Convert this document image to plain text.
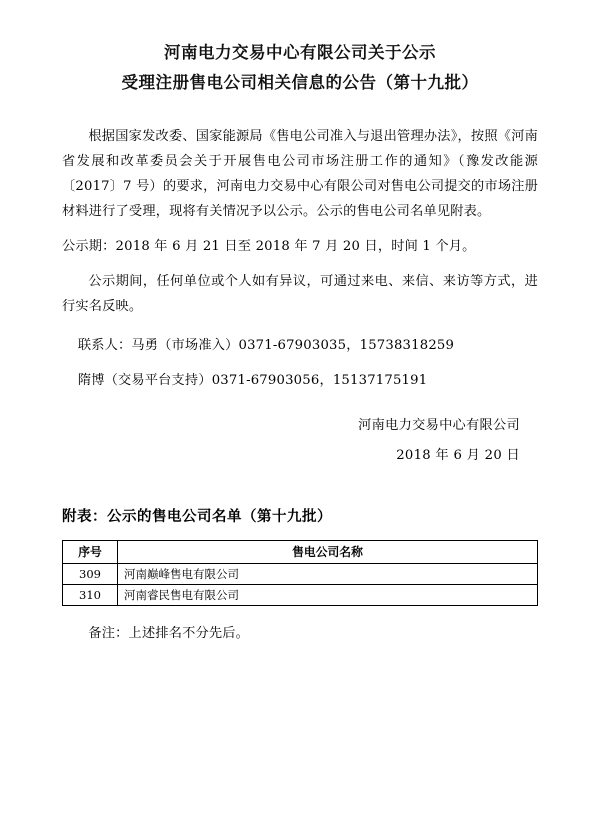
河南电力交易中心有限公司关于公示
受理注册售电公司相关信息的公告（第十九批）

根据国家发改委、国家能源局《售电公司准入与退出管理办法》，按照《河南省发展和改革委员会关于开展售电公司市场注册工作的通知》（豫发改能源〔2017〕7 号）的要求，河南电力交易中心有限公司对售电公司提交的市场注册材料进行了受理，现将有关情况予以公示。公示的售电公司名单见附表。

公示期：2018 年 6 月 21 日至 2018 年 7 月 20 日，时间 1 个月。

公示期间，任何单位或个人如有异议，可通过来电、来信、来访等方式，进行实名反映。

联系人：马勇（市场准入）0371-67903035，15738318259

隋博（交易平台支持）0371-67903056，15137175191

河南电力交易中心有限公司
2018 年 6 月 20 日
附表：公示的售电公司名单（第十九批）
序号	售电公司名称
309	河南巅峰售电有限公司
310	河南睿民售电有限公司
备注：上述排名不分先后。
